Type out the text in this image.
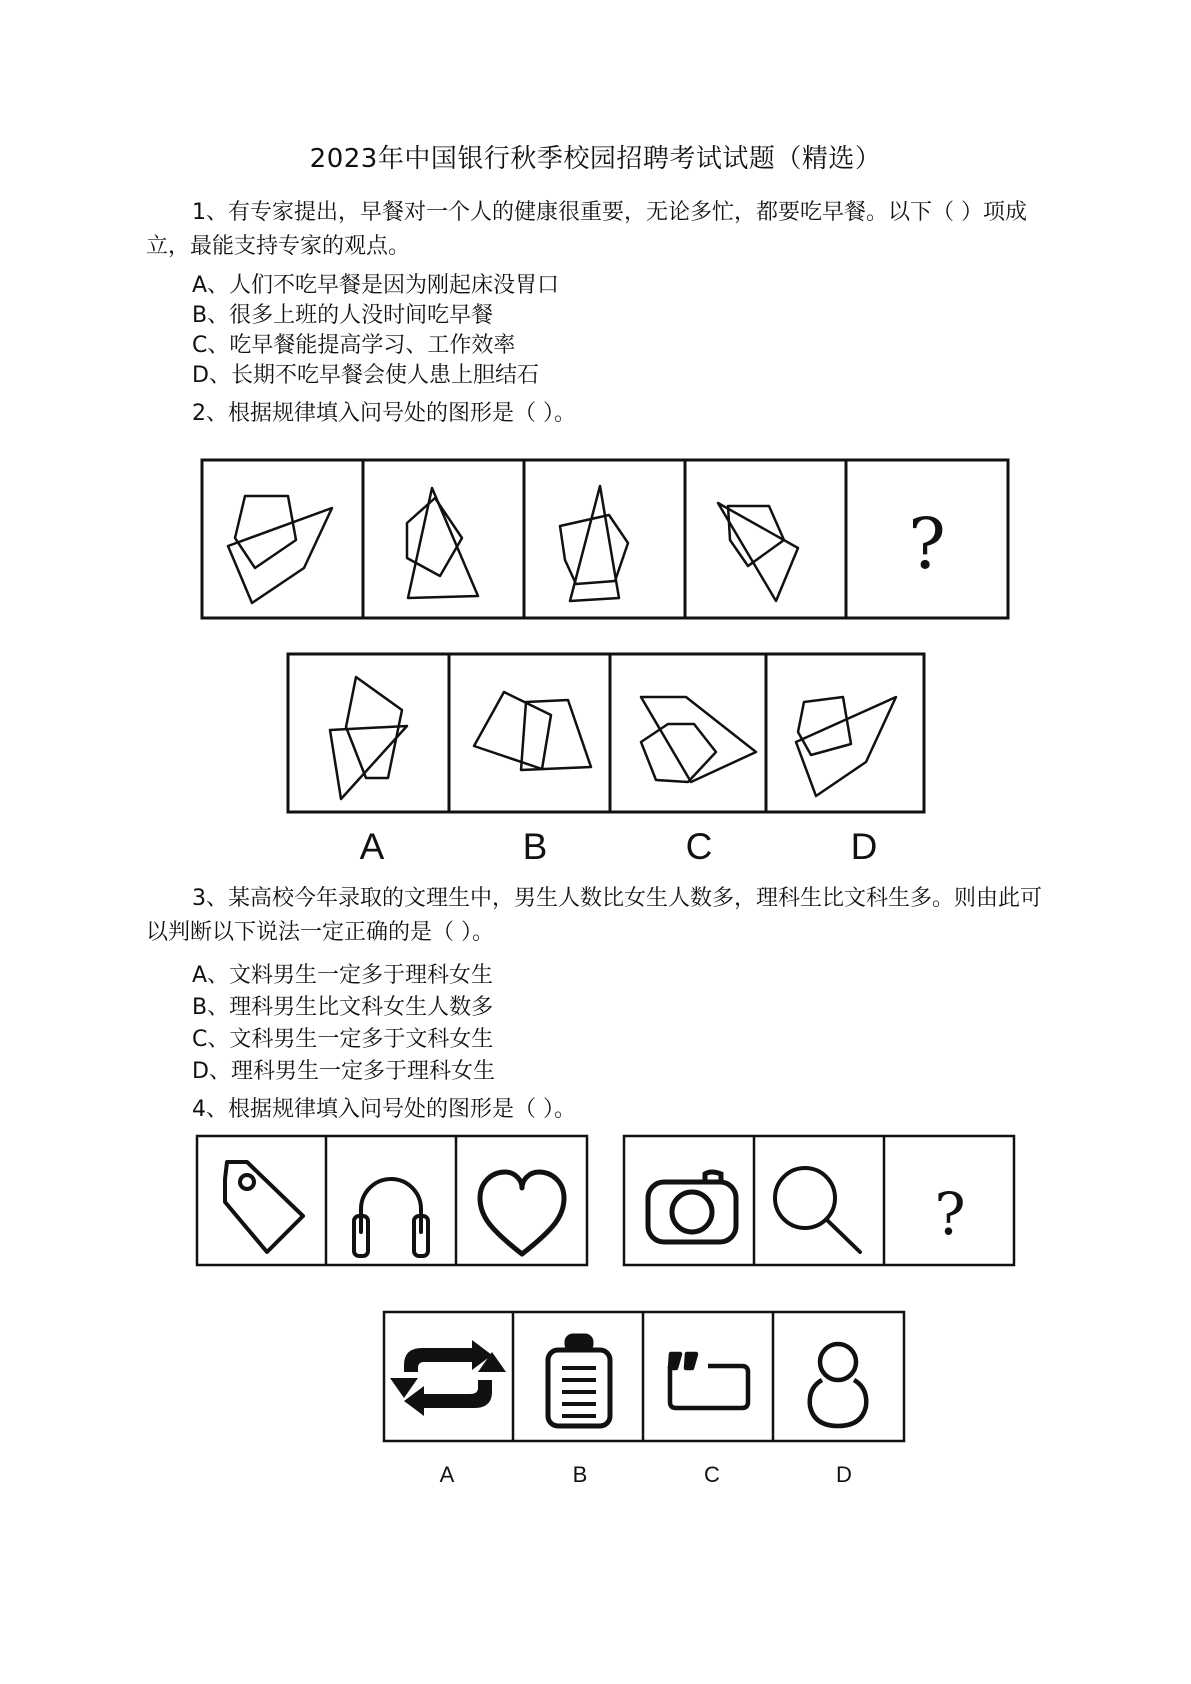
2023年中国银行秋季校园招聘考试试题（精选）
1、有专家提出，早餐对一个人的健康很重要，无论多忙，都要吃早餐。以下（ ）项成立，最能支持专家的观点。
A、人们不吃早餐是因为刚起床没胃口
B、很多上班的人没时间吃早餐
C、吃早餐能提高学习、工作效率
D、长期不吃早餐会使人患上胆结石
2、根据规律填入问号处的图形是（ ）。
?
A	B	C	D
3、某高校今年录取的文理生中，男生人数比女生人数多，理科生比文科生多。则由此可以判断以下说法一定正确的是（ ）。
A、文料男生一定多于理科女生
B、理科男生比文科女生人数多
C、文科男生一定多于文科女生
D、理科男生一定多于理科女生
4、根据规律填入问号处的图形是（ ）。
?
A	B	C	D
